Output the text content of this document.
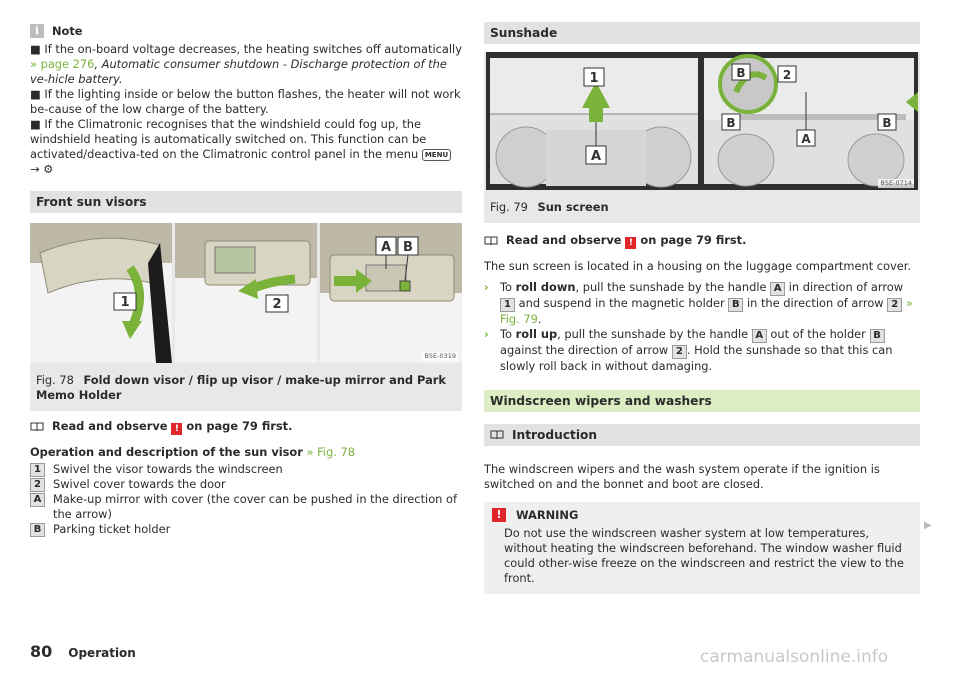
i	Note

■ If the on-board voltage decreases, the heating switches off automatically » page 276, Automatic consumer shutdown - Discharge protection of the ve-hicle battery.

■ If the lighting inside or below the button flashes, the heater will not work be-cause of the low charge of the battery.

■ If the Climatronic recognises that the windshield could fog up, the windshield heating is automatically switched on. This function can be activated/deactiva-ted on the Climatronic control panel in the menu MENU → ⚙

Front sun visors
1	2
A B
B5E-0319
Fig. 78 Fold down visor / flip up visor / make-up mirror and Park Memo Holder
Read and observe ! on page 79 first.
Operation and description of the sun visor » Fig. 78
1	Swivel the visor towards the windscreen
2	Swivel cover towards the door
A	Make-up mirror with cover (the cover can be pushed in the direction of the arrow)
B	Parking ticket holder
Sunshade
1
A
B	2
B
A
B
B5E-0714
Fig. 79 Sun screen
Read and observe ! on page 79 first.

The sun screen is located in a housing on the luggage compartment cover.

› To roll down, pull the sunshade by the handle A in direction of arrow 1 and suspend in the magnetic holder B in the direction of arrow 2 » Fig. 79.
› To roll up, pull the sunshade by the handle A out of the holder B against the direction of arrow 2 . Hold the sunshade so that this can slowly roll back in without damaging.
Windscreen wipers and washers
Introduction

The windscreen wipers and the wash system operate if the ignition is switched on and the bonnet and boot are closed.

!	WARNING

Do not use the windscreen washer system at low temperatures, without heating the windscreen beforehand. The window washer fluid could other-wise freeze on the windscreen and restrict the view to the front.

▶
80 Operation	carmanualsonline.info
